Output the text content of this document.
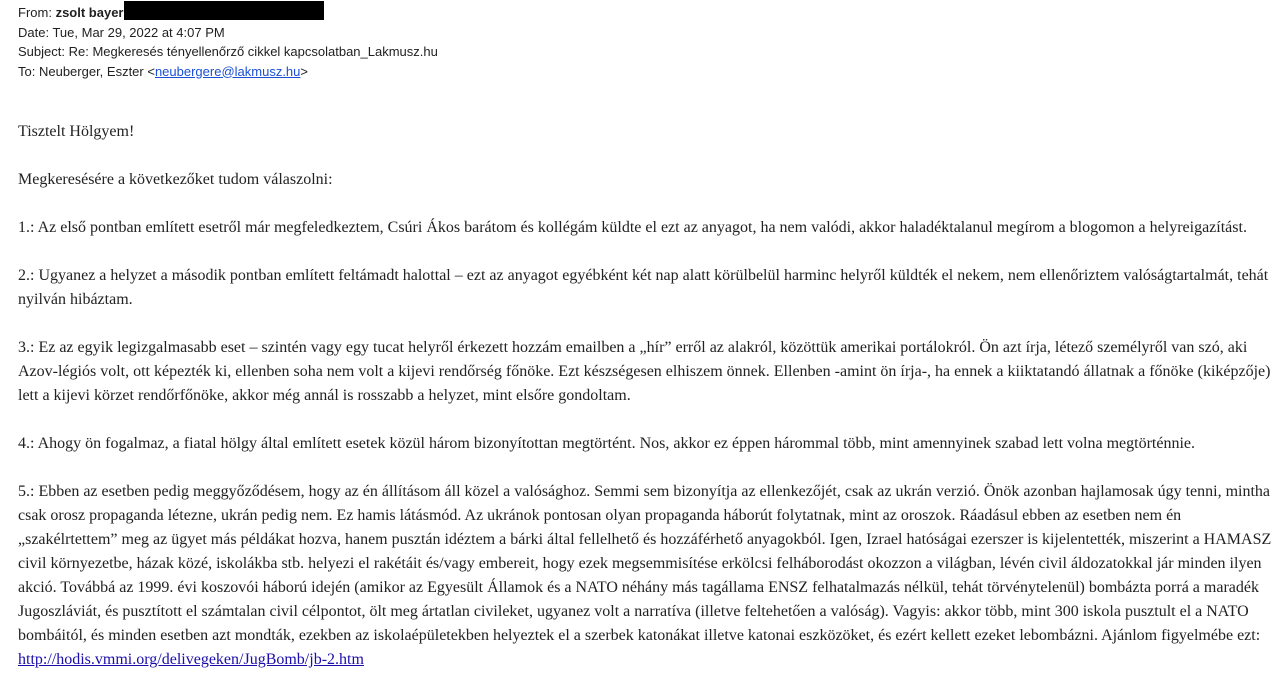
From: zsolt bayer
Date: Tue, Mar 29, 2022 at 4:07 PM
Subject: Re: Megkeresés tényellenőrző cikkel kapcsolatban_Lakmusz.hu
To: Neuberger, Eszter <neubergere@lakmusz.hu>

Tisztelt Hölgyem!

Megkeresésére a következőket tudom válaszolni:

1.: Az első pontban említett esetről már megfeledkeztem, Csúri Ákos barátom és kollégám küldte el ezt az anyagot, ha nem valódi, akkor haladéktalanul megírom a blogomon a helyreigazítást.

2.: Ugyanez a helyzet a második pontban említett feltámadt halottal – ezt az anyagot egyébként két nap alatt körülbelül harminc helyről küldték el nekem, nem ellenőriztem valóságtartalmát, tehát nyilván hibáztam.

3.: Ez az egyik legizgalmasabb eset – szintén vagy egy tucat helyről érkezett hozzám emailben a „hír” erről az alakról, közöttük amerikai portálokról. Ön azt írja, létező személyről van szó, aki Azov-légiós volt, ott képezték ki, ellenben soha nem volt a kijevi rendőrség főnöke. Ezt készségesen elhiszem önnek. Ellenben -amint ön írja-, ha ennek a kiiktatandó állatnak a főnöke (kiképzője) lett a kijevi körzet rendőrfőnöke, akkor még annál is rosszabb a helyzet, mint elsőre gondoltam.

4.: Ahogy ön fogalmaz, a fiatal hölgy által említett esetek közül három bizonyítottan megtörtént. Nos, akkor ez éppen hárommal több, mint amennyinek szabad lett volna megtörténnie.

5.: Ebben az esetben pedig meggyőződésem, hogy az én állításom áll közel a valósághoz. Semmi sem bizonyítja az ellenkezőjét, csak az ukrán verzió. Önök azonban hajlamosak úgy tenni, mintha csak orosz propaganda létezne, ukrán pedig nem. Ez hamis látásmód. Az ukránok pontosan olyan propaganda háborút folytatnak, mint az oroszok. Ráadásul ebben az esetben nem én „szakélrtettem” meg az ügyet más példákat hozva, hanem pusztán idéztem a bárki által fellelhető és hozzáférhető anyagokból. Igen, Izrael hatóságai ezerszer is kijelentették, miszerint a HAMASZ civil környezetbe, házak közé, iskolákba stb. helyezi el rakétáit és/vagy embereit, hogy ezek megsemmisítése erkölcsi felháborodást okozzon a világban, lévén civil áldozatokkal jár minden ilyen akció. Továbbá az 1999. évi koszovói háború idején (amikor az Egyesült Államok és a NATO néhány más tagállama ENSZ felhatalmazás nélkül, tehát törvénytelenül) bombázta porrá a maradék Jugoszláviát, és pusztított el számtalan civil célpontot, ölt meg ártatlan civileket, ugyanez volt a narratíva (illetve feltehetően a valóság). Vagyis: akkor több, mint 300 iskola pusztult el a NATO bombáitól, és minden esetben azt mondták, ezekben az iskolaépületekben helyeztek el a szerbek katonákat illetve katonai eszközöket, és ezért kellett ezeket lebombázni. Ajánlom figyelmébe ezt:
http://hodis.vmmi.org/delivegeken/JugBomb/jb-2.htm
